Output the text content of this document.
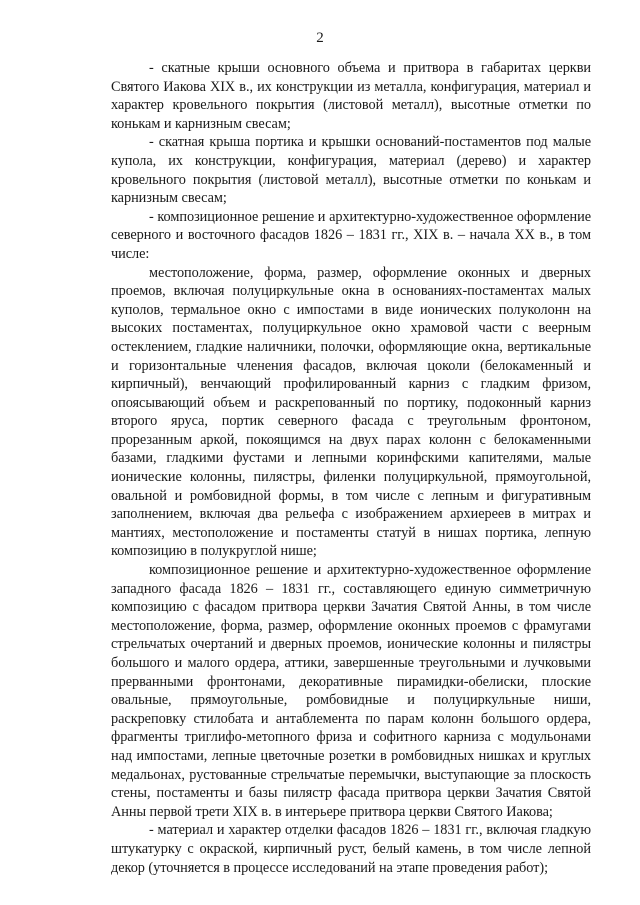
2

- скатные крыши основного объема и притвора в габаритах церкви Святого Иакова XIX в., их конструкции из металла, конфигурация, материал и характер кровельного покрытия (листовой металл), высотные отметки по конькам и карнизным свесам;

- скатная крыша портика и крышки оснований-постаментов под малые купола, их конструкции, конфигурация, материал (дерево) и характер кровельного покрытия (листовой металл), высотные отметки по конькам и карнизным свесам;

- композиционное решение и архитектурно-художественное оформление северного и восточного фасадов 1826 – 1831 гг., XIX в. – начала XX в., в том числе:

местоположение, форма, размер, оформление оконных и дверных проемов, включая полуциркульные окна в основаниях-постаментах малых куполов, термальное окно с импостами в виде ионических полуколонн на высоких постаментах, полуциркульное окно храмовой части с веерным остеклением, гладкие наличники, полочки, оформляющие окна, вертикальные и горизонтальные членения фасадов, включая цоколи (белокаменный и кирпичный), венчающий профилированный карниз с гладким фризом, опоясывающий объем и раскрепованный по портику, подоконный карниз второго яруса, портик северного фасада с треугольным фронтоном, прорезанным аркой, покоящимся на двух парах колонн с белокаменными базами, гладкими фустами и лепными коринфскими капителями, малые ионические колонны, пилястры, филенки полуциркульной, прямоугольной, овальной и ромбовидной формы, в том числе с лепным и фигуративным заполнением, включая два рельефа с изображением архиереев в митрах и мантиях, местоположение и постаменты статуй в нишах портика, лепную композицию в полукруглой нише;

композиционное решение и архитектурно-художественное оформление западного фасада 1826 – 1831 гг., составляющего единую симметричную композицию с фасадом притвора церкви Зачатия Святой Анны, в том числе местоположение, форма, размер, оформление оконных проемов с фрамугами стрельчатых очертаний и дверных проемов, ионические колонны и пилястры большого и малого ордера, аттики, завершенные треугольными и лучковыми прерванными фронтонами, декоративные пирамидки-обелиски, плоские овальные, прямоугольные, ромбовидные и полуциркульные ниши, раскреповку стилобата и антаблемента по парам колонн большого ордера, фрагменты триглифо-метопного фриза и софитного карниза с модульонами над импостами, лепные цветочные розетки в ромбовидных нишках и круглых медальонах, рустованные стрельчатые перемычки, выступающие за плоскость стены, постаменты и базы пилястр фасада притвора церкви Зачатия Святой Анны первой трети XIX в. в интерьере притвора церкви Святого Иакова;

- материал и характер отделки фасадов 1826 – 1831 гг., включая гладкую штукатурку с окраской, кирпичный руст, белый камень, в том числе лепной декор (уточняется в процессе исследований на этапе проведения работ);
